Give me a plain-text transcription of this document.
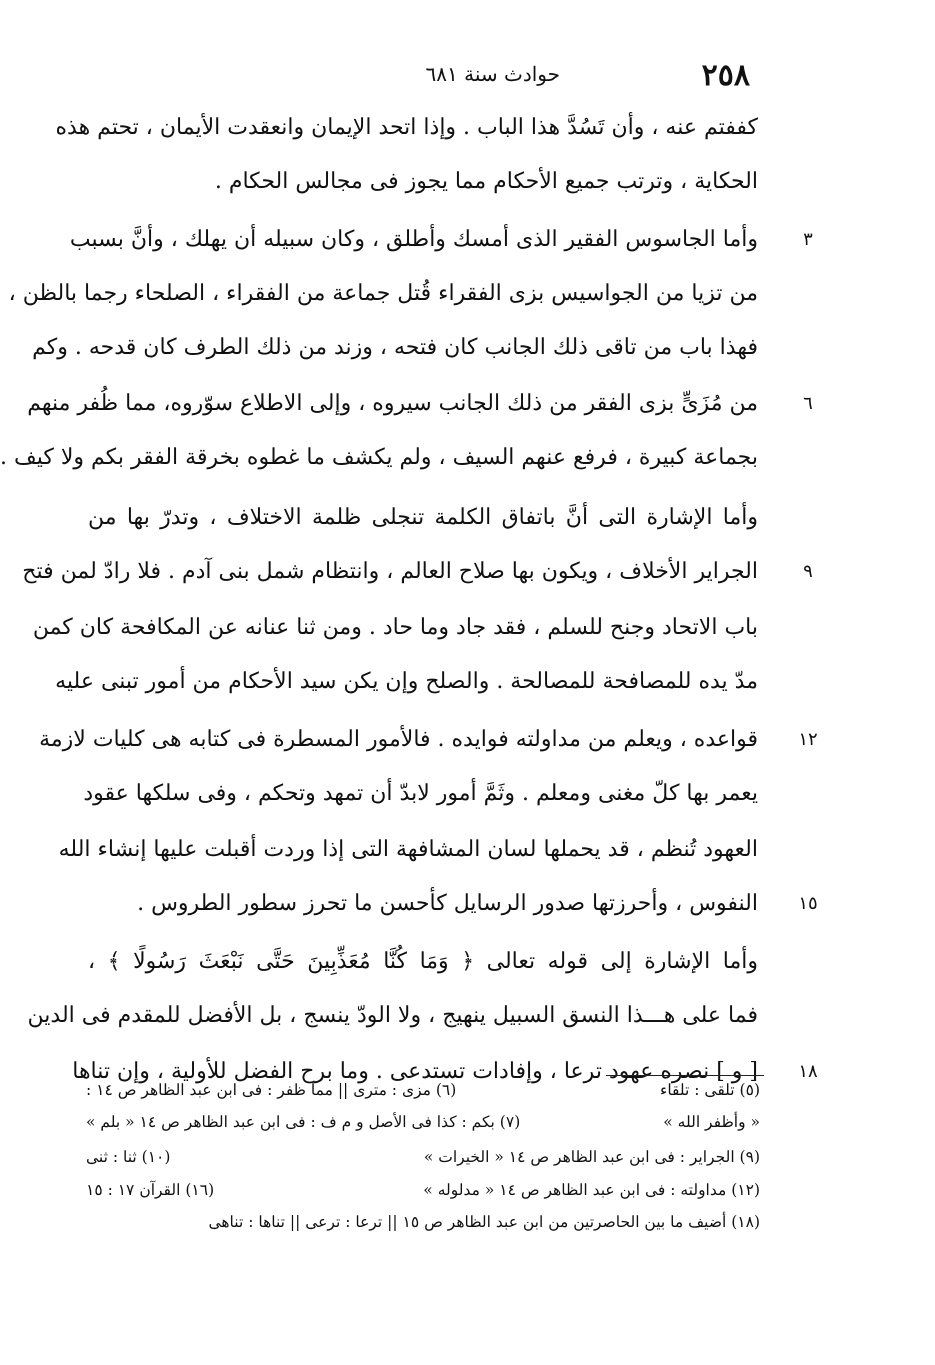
٢٥٨
حوادث سنة ٦٨١
كففتم عنه ، وأن تَسُدَّ هذا الباب . وإذا اتحد الإيمان وانعقدت الأيمان ، تحتم هذه
الحكاية ، وترتب جميع الأحكام مما يجوز فى مجالس الحكام .
وأما الجاسوس الفقير الذى أمسك وأطلق ، وكان سبيله أن يهلك ، وأنَّ بسبب	٣
من تزيا من الجواسيس بزى الفقراء قُتل جماعة من الفقراء ، الصلحاء رجما بالظن ،
فهذا باب من تاقى ذلك الجانب كان فتحه ، وزند من ذلك الطرف كان قدحه . وكم
من مُزَىٍّ بزى الفقر من ذلك الجانب سيروه ، وإلى الاطلاع سوّروه، مما ظُفر منهم	٦
بجماعة كبيرة ، فرفع عنهم السيف ، ولم يكشف ما غطوه بخرقة الفقر بكم ولا كيف .
وأما الإشارة التى أنَّ باتفاق الكلمة تنجلى ظلمة الاختلاف ، وتدرّ بها من
الجراير الأخلاف ، ويكون بها صلاح العالم ، وانتظام شمل بنى آدم . فلا رادّ لمن فتح	٩
باب الاتحاد وجنح للسلم ، فقد جاد وما حاد . ومن ثنا عنانه عن المكافحة كان كمن
مدّ يده للمصافحة للمصالحة . والصلح وإن يكن سيد الأحكام من أمور تبنى عليه
قواعده ، ويعلم من مداولته فوايده . فالأمور المسطرة فى كتابه هى كليات لازمة	١٢
يعمر بها كلّ مغنى ومعلم . وثَمَّ أمور لابدّ أن تمهد وتحكم ، وفى سلكها عقود
العهود تُنظم ، قد يحملها لسان المشافهة التى إذا وردت أقبلت عليها إنشاء الله
النفوس ، وأحرزتها صدور الرسايل كأحسن ما تحرز سطور الطروس .	١٥
وأما الإشارة إلى قوله تعالى ﴿ وَمَا كُنَّا مُعَذِّبِينَ حَتَّى نَبْعَثَ رَسُولًا ﴾ ،
فما على هـــذا النسق السبيل ينهيج ، ولا الودّ ينسج ، بل الأفضل للمقدم فى الدين
[ و ] نصره عهود ترعا ، وإفادات تستدعى . وما برح الفضل للأولية ، وإن تناها	١٨
(٥) تلقى : تلقاء
(٦) مزى : مترى || مما ظفر : فى ابن عبد الظاهر ص ١٤ :
« وأظفر الله »
(٧) بكم : كذا فى الأصل و م ف : فى ابن عبد الظاهر ص ١٤ « بلم »
(٩) الجراير : فى ابن عبد الظاهر ص ١٤ « الخيرات »
(١٠) ثنا : ثنى
(١٢) مداولته : فى ابن عبد الظاهر ص ١٤ « مدلوله »
(١٦) القرآن ١٧ : ١٥
(١٨) أضيف ما بين الحاصرتين من ابن عبد الظاهر ص ١٥ || ترعا : ترعى || تناها : تناهى
